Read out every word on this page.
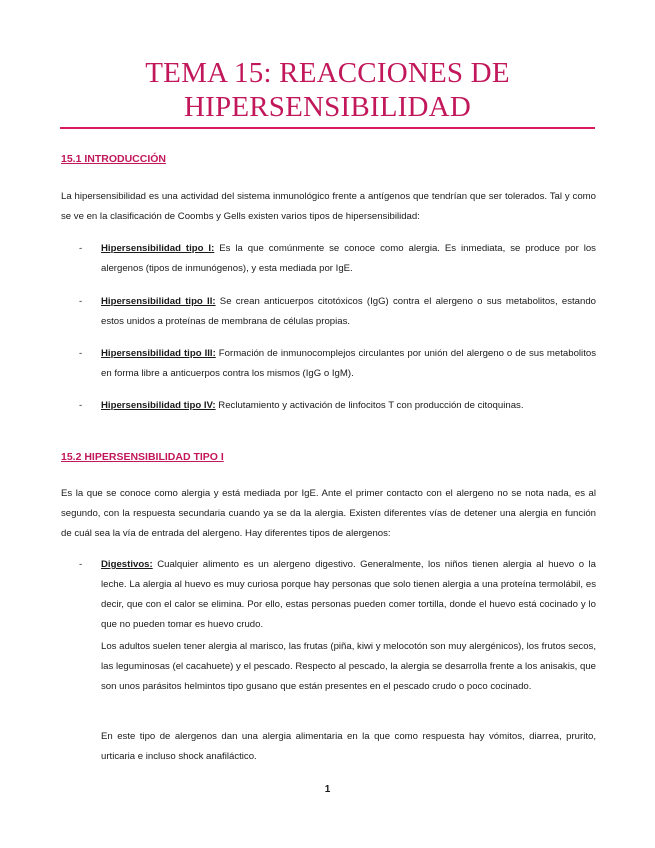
TEMA 15: REACCIONES DE
HIPERSENSIBILIDAD
15.1 INTRODUCCIÓN
La hipersensibilidad es una actividad del sistema inmunológico frente a antígenos que tendrían que ser tolerados. Tal y como se ve en la clasificación de Coombs y Gells existen varios tipos de hipersensibilidad:
- Hipersensibilidad tipo I: Es la que comúnmente se conoce como alergia. Es inmediata, se produce por los alergenos (tipos de inmunógenos), y esta mediada por IgE.
- Hipersensibilidad tipo II: Se crean anticuerpos citotóxicos (IgG) contra el alergeno o sus metabolitos, estando estos unidos a proteínas de membrana de células propias.
- Hipersensibilidad tipo III: Formación de inmunocomplejos circulantes por unión del alergeno o de sus metabolitos en forma libre a anticuerpos contra los mismos (IgG o IgM).
- Hipersensibilidad tipo IV: Reclutamiento y activación de linfocitos T con producción de citoquinas.
15.2 HIPERSENSIBILIDAD TIPO I
Es la que se conoce como alergia y está mediada por IgE. Ante el primer contacto con el alergeno no se nota nada, es al segundo, con la respuesta secundaria cuando ya se da la alergia. Existen diferentes vías de detener una alergia en función de cuál sea la vía de entrada del alergeno. Hay diferentes tipos de alergenos:
- Digestivos: Cualquier alimento es un alergeno digestivo. Generalmente, los niños tienen alergia al huevo o la leche. La alergia al huevo es muy curiosa porque hay personas que solo tienen alergia a una proteína termolábil, es decir, que con el calor se elimina. Por ello, estas personas pueden comer tortilla, donde el huevo está cocinado y lo que no pueden tomar es huevo crudo.
Los adultos suelen tener alergia al marisco, las frutas (piña, kiwi y melocotón son muy alergénicos), los frutos secos, las leguminosas (el cacahuete) y el pescado. Respecto al pescado, la alergia se desarrolla frente a los anisakis, que son unos parásitos helmintos tipo gusano que están presentes en el pescado crudo o poco cocinado.
En este tipo de alergenos dan una alergia alimentaria en la que como respuesta hay vómitos, diarrea, prurito, urticaria e incluso shock anafiláctico.
1
